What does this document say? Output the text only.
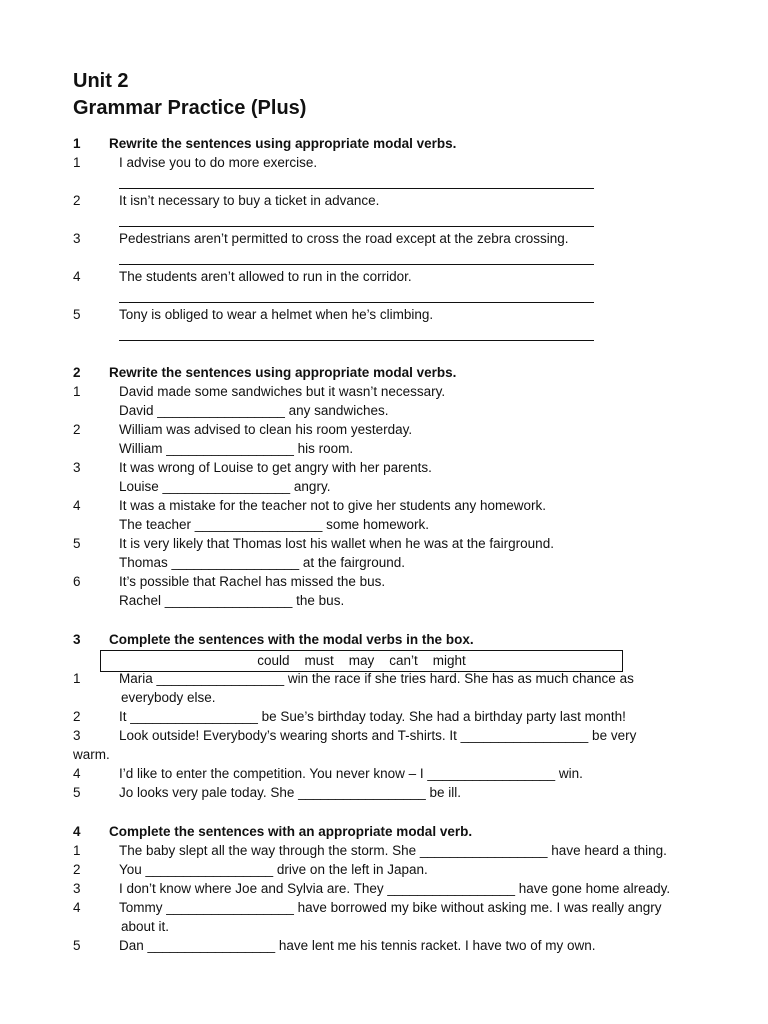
Unit 2
Grammar Practice (Plus)
1 Rewrite the sentences using appropriate modal verbs.
1	I advise you to do more exercise.
2	It isn’t necessary to buy a ticket in advance.
3	Pedestrians aren’t permitted to cross the road except at the zebra crossing.
4	The students aren’t allowed to run in the corridor.
5	Tony is obliged to wear a helmet when he’s climbing.
2 Rewrite the sentences using appropriate modal verbs.
1	David made some sandwiches but it wasn’t necessary.
David _________________ any sandwiches.
2	William was advised to clean his room yesterday.
William _________________ his room.
3	It was wrong of Louise to get angry with her parents.
Louise _________________ angry.
4	It was a mistake for the teacher not to give her students any homework.
The teacher _________________ some homework.
5	It is very likely that Thomas lost his wallet when he was at the fairground.
Thomas _________________ at the fairground.
6	It’s possible that Rachel has missed the bus.
Rachel _________________ the bus.
3 Complete the sentences with the modal verbs in the box.
could    must    may    can’t    might
1	Maria _________________ win the race if she tries hard. She has as much chance as
everybody else.
2	It _________________ be Sue’s birthday today. She had a birthday party last month!
3	Look outside! Everybody’s wearing shorts and T-shirts. It _________________ be very
warm.
4	I’d like to enter the competition. You never know – I _________________ win.
5	Jo looks very pale today. She _________________ be ill.
4 Complete the sentences with an appropriate modal verb.
1	The baby slept all the way through the storm. She _________________ have heard a thing.
2	You _________________ drive on the left in Japan.
3	I don’t know where Joe and Sylvia are. They _________________ have gone home already.
4	Tommy _________________ have borrowed my bike without asking me. I was really angry
about it.
5	Dan _________________ have lent me his tennis racket. I have two of my own.
